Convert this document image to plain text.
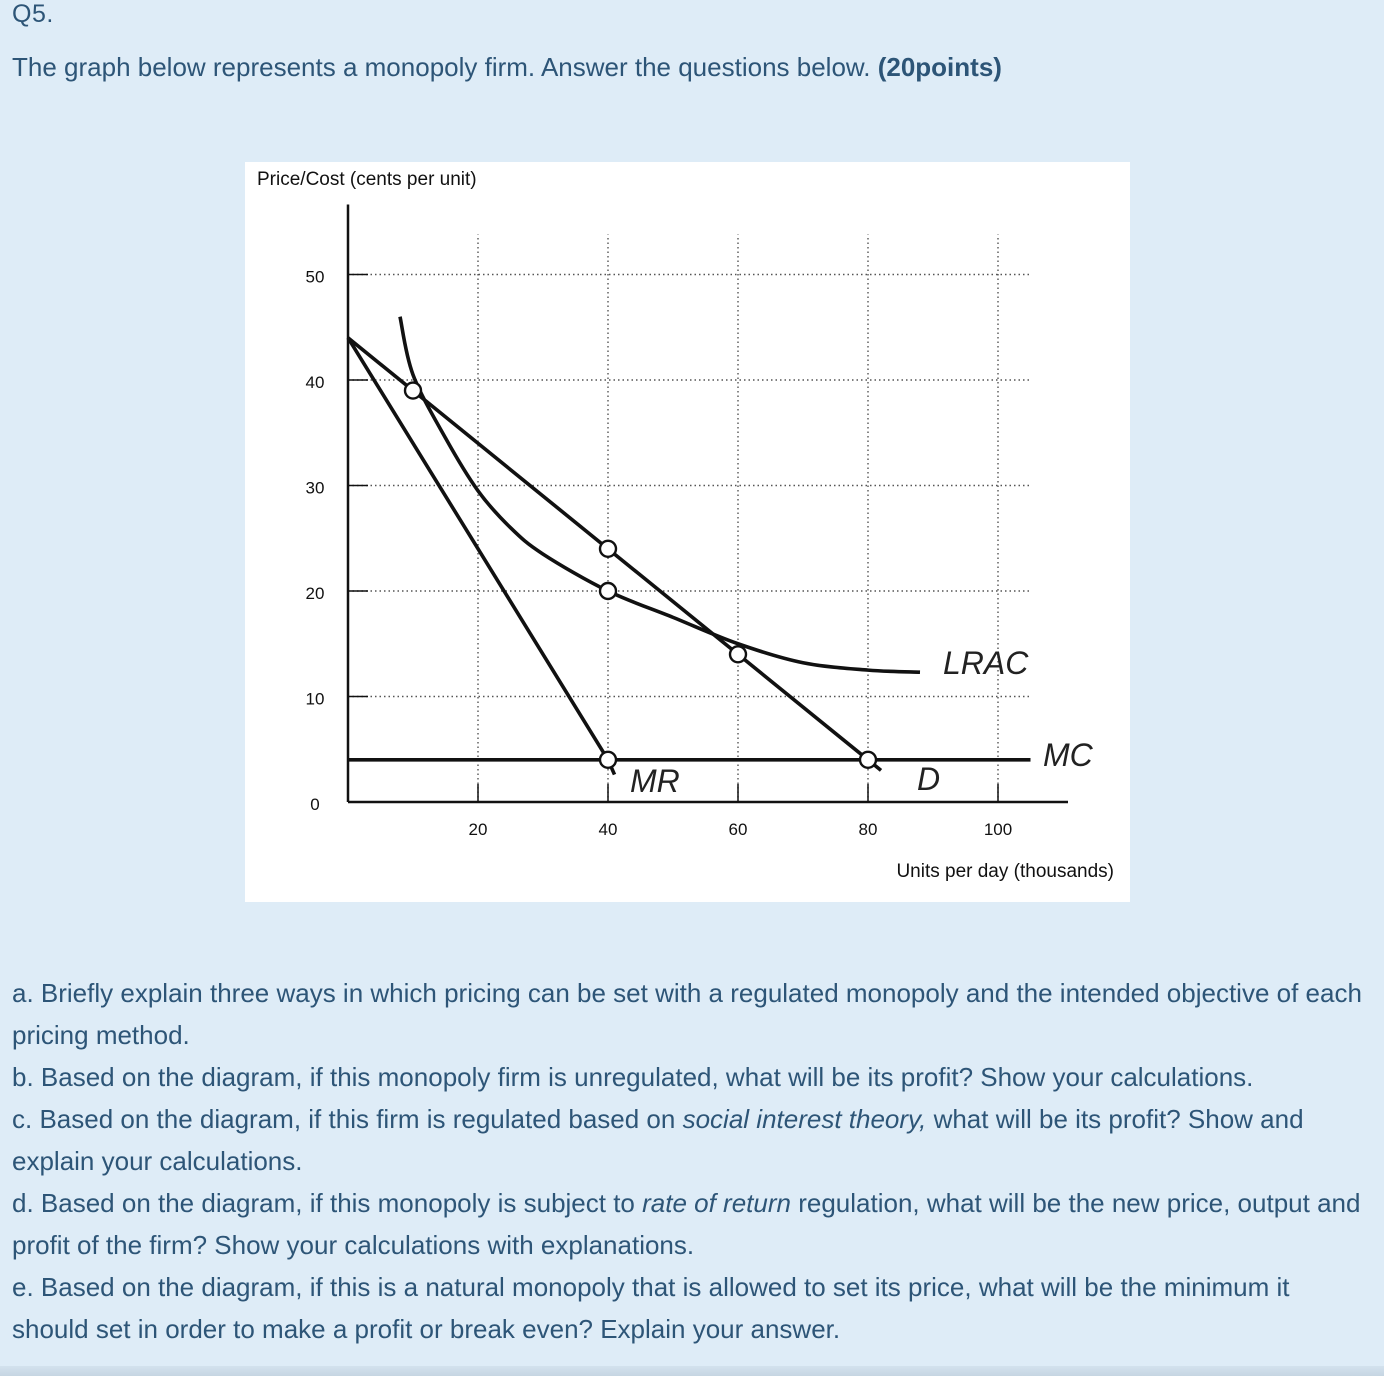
Q5.
The graph below represents a monopoly firm. Answer the questions below. (20points)
20	40	60	80	100
0
10
20
30
40
50
Price/Cost (cents per unit)
Units per day (thousands)
D
MR
LRAC
MC

a. Briefly explain three ways in which pricing can be set with a regulated monopoly and the intended objective of each pricing method.

b. Based on the diagram, if this monopoly firm is unregulated, what will be its profit? Show your calculations.

c. Based on the diagram, if this firm is regulated based on social interest theory, what will be its profit? Show and explain your calculations.

d. Based on the diagram, if this monopoly is subject to rate of return regulation, what will be the new price, output and profit of the firm? Show your calculations with explanations.

e. Based on the diagram, if this is a natural monopoly that is allowed to set its price, what will be the minimum it should set in order to make a profit or break even? Explain your answer.
